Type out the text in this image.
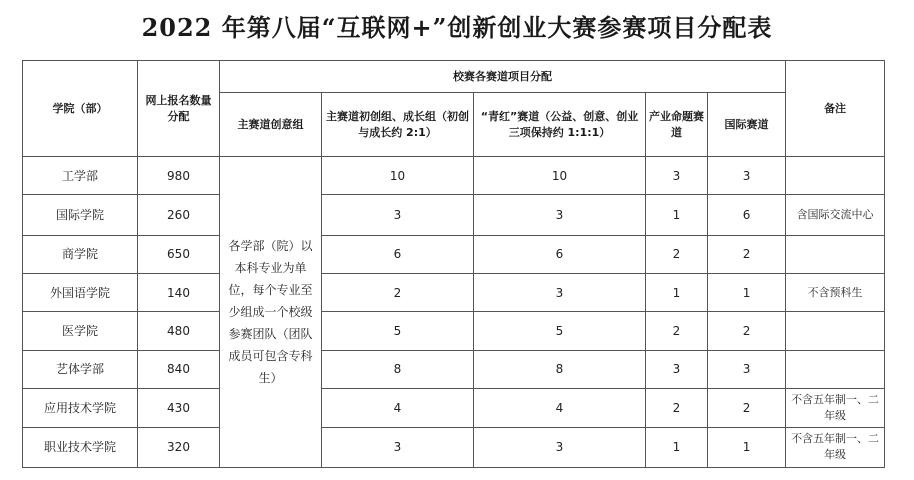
2022 年第八届“互联网+”创新创业大赛参赛项目分配表
学院（部）	网上报名数量分配	校赛各赛道项目分配					备注
		主赛道创意组	主赛道初创组、成长组（初创与成长约 2:1）	“青红”赛道（公益、创意、创业三项保持约 1:1:1）	产业命题赛道	国际赛道	
工学部	980	各学部（院）以本科专业为单位，每个专业至少组成一个校级参赛团队（团队成员可包含专科生）	10	10	3	3	
国际学院	260		3	3	1	6	含国际交流中心
商学院	650		6	6	2	2	
外国语学院	140		2	3	1	1	不含预科生
医学院	480		5	5	2	2	
艺体学部	840		8	8	3	3	
应用技术学院	430		4	4	2	2	不含五年制一、二年级
职业技术学院	320		3	3	1	1	不含五年制一、二年级
